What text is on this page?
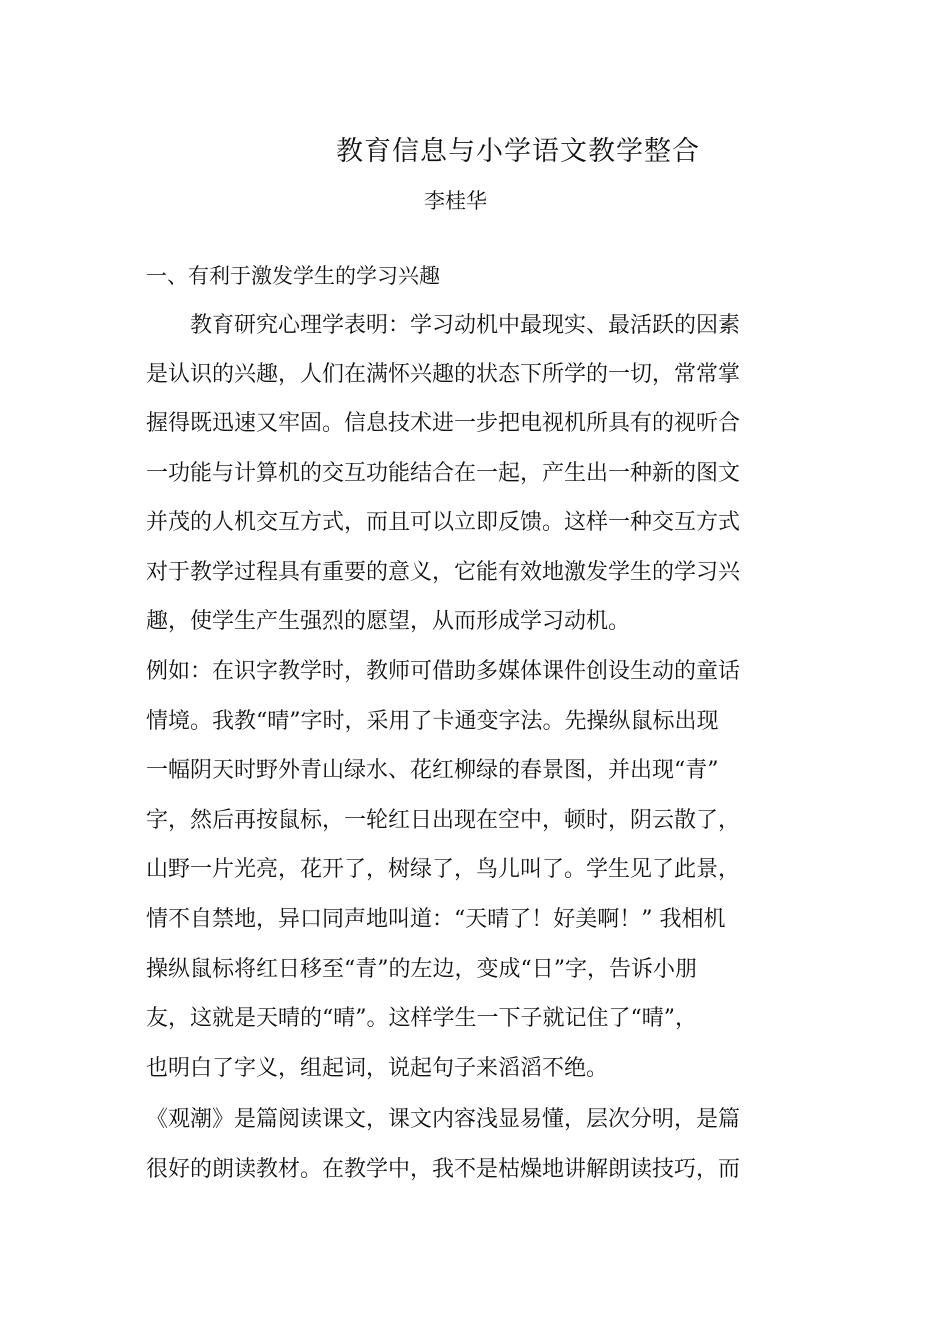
教育信息与小学语文教学整合
李桂华
一、有利于激发学生的学习兴趣
教育研究心理学表明：学习动机中最现实、最活跃的因素
是认识的兴趣，人们在满怀兴趣的状态下所学的一切，常常掌
握得既迅速又牢固。信息技术进一步把电视机所具有的视听合
一功能与计算机的交互功能结合在一起，产生出一种新的图文
并茂的人机交互方式，而且可以立即反馈。这样一种交互方式
对于教学过程具有重要的意义，它能有效地激发学生的学习兴
趣，使学生产生强烈的愿望，从而形成学习动机。
例如：在识字教学时，教师可借助多媒体课件创设生动的童话
情境。我教“晴”字时，采用了卡通变字法。先操纵鼠标出现
一幅阴天时野外青山绿水、花红柳绿的春景图，并出现“青”
字，然后再按鼠标，一轮红日出现在空中，顿时，阴云散了，
山野一片光亮，花开了，树绿了，鸟儿叫了。学生见了此景，
情不自禁地，异口同声地叫道：“天晴了！好美啊！” 我相机
操纵鼠标将红日移至“青”的左边，变成“日”字，告诉小朋
友，这就是天晴的“晴”。这样学生一下子就记住了“晴”，
也明白了字义，组起词，说起句子来滔滔不绝。
《观潮》是篇阅读课文，课文内容浅显易懂，层次分明，是篇
很好的朗读教材。在教学中，我不是枯燥地讲解朗读技巧，而
